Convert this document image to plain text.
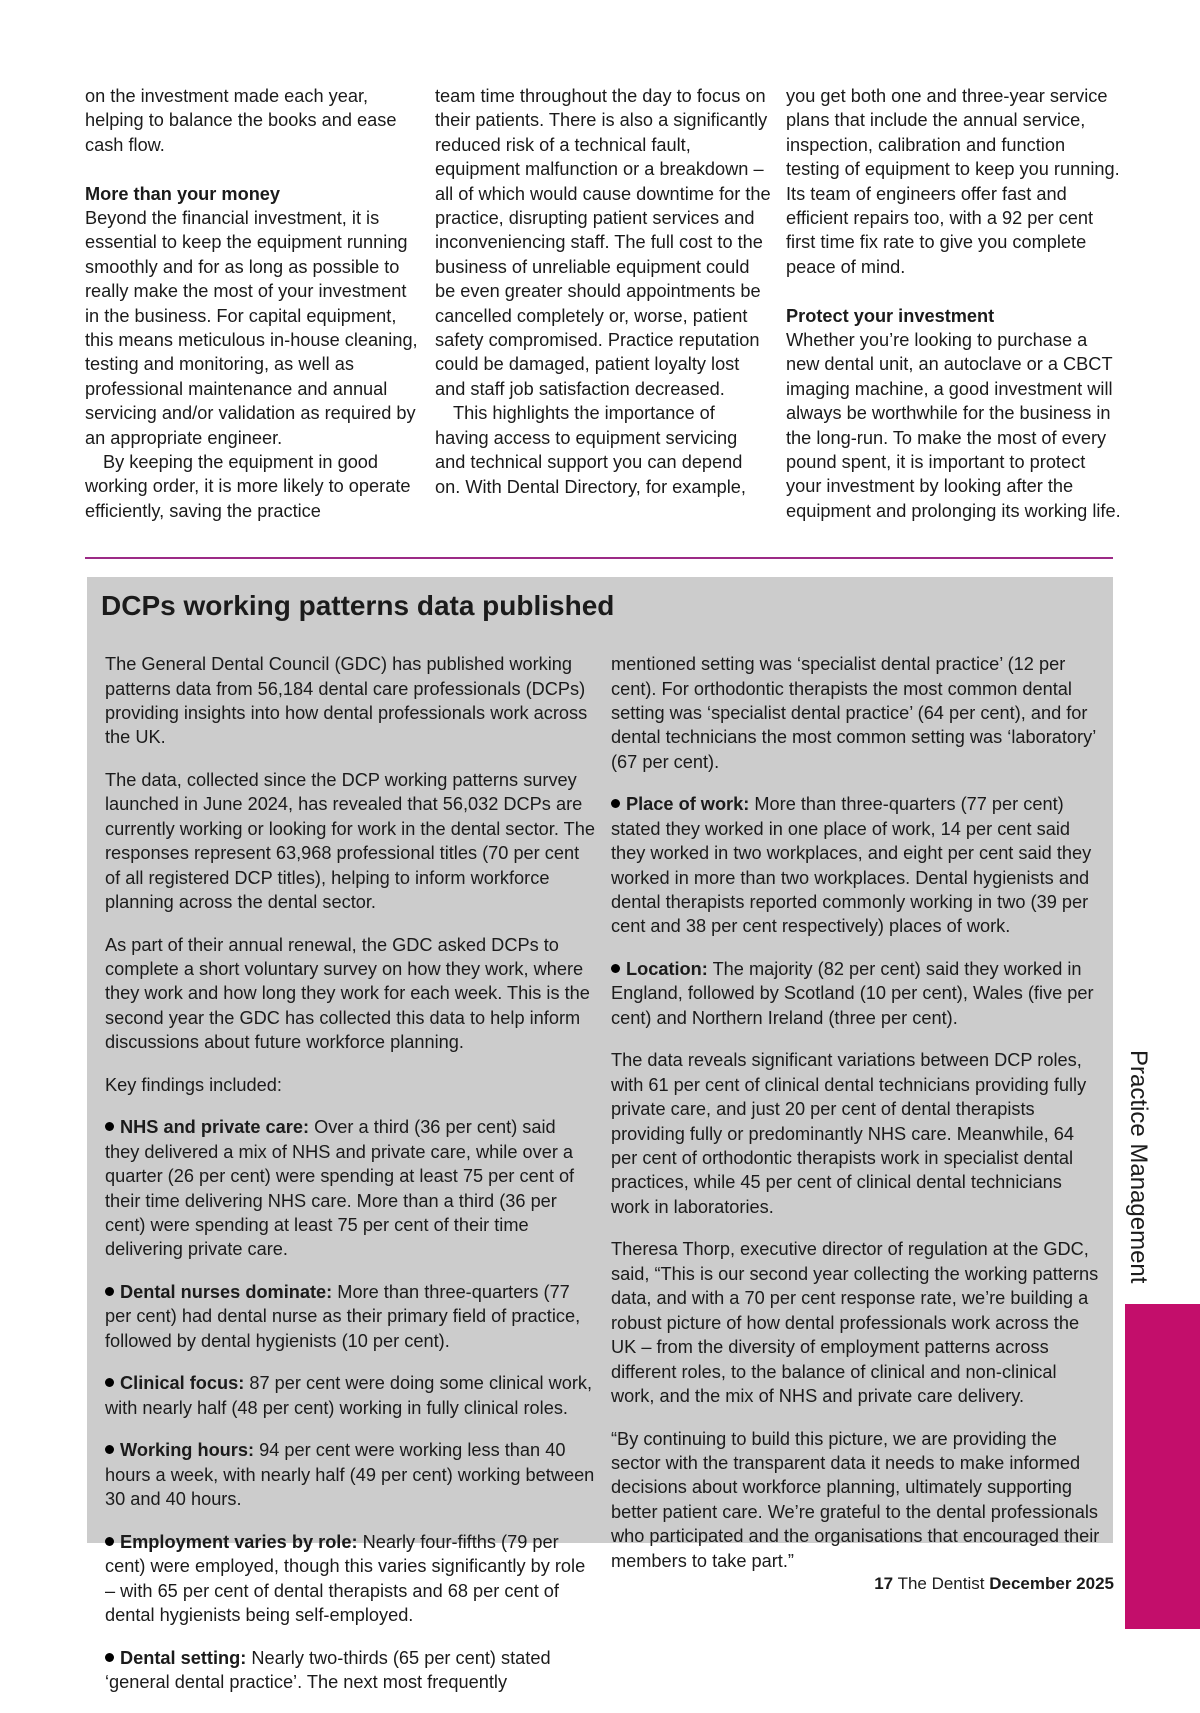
on the investment made each year, helping to balance the books and ease cash flow.

More than your money

Beyond the financial investment, it is essential to keep the equipment running smoothly and for as long as possible to really make the most of your investment in the business. For capital equipment, this means meticulous in-house cleaning, testing and monitoring, as well as professional maintenance and annual servicing and/or validation as required by an appropriate engineer.

By keeping the equipment in good working order, it is more likely to operate efficiently, saving the practice

team time throughout the day to focus on their patients. There is also a significantly reduced risk of a technical fault, equipment malfunction or a breakdown – all of which would cause downtime for the practice, disrupting patient services and inconveniencing staff. The full cost to the business of unreliable equipment could be even greater should appointments be cancelled completely or, worse, patient safety compromised. Practice reputation could be damaged, patient loyalty lost and staff job satisfaction decreased.

This highlights the importance of having access to equipment servicing and technical support you can depend on. With Dental Directory, for example,

you get both one and three-year service plans that include the annual service, inspection, calibration and function testing of equipment to keep you running. Its team of engineers offer fast and efficient repairs too, with a 92 per cent first time fix rate to give you complete peace of mind.

Protect your investment

Whether you’re looking to purchase a new dental unit, an autoclave or a CBCT imaging machine, a good investment will always be worthwhile for the business in the long-run. To make the most of every pound spent, it is important to protect your investment by looking after the equipment and prolonging its working life.

DCPs working patterns data published

The General Dental Council (GDC) has published working patterns data from 56,184 dental care professionals (DCPs) providing insights into how dental professionals work across the UK.

The data, collected since the DCP working patterns survey launched in June 2024, has revealed that 56,032 DCPs are currently working or looking for work in the dental sector. The responses represent 63,968 professional titles (70 per cent of all registered DCP titles), helping to inform workforce planning across the dental sector.

As part of their annual renewal, the GDC asked DCPs to complete a short voluntary survey on how they work, where they work and how long they work for each week. This is the second year the GDC has collected this data to help inform discussions about future workforce planning.

Key findings included:

NHS and private care: Over a third (36 per cent) said they delivered a mix of NHS and private care, while over a quarter (26 per cent) were spending at least 75 per cent of their time delivering NHS care. More than a third (36 per cent) were spending at least 75 per cent of their time delivering private care.

Dental nurses dominate: More than three-quarters (77 per cent) had dental nurse as their primary field of practice, followed by dental hygienists (10 per cent).

Clinical focus: 87 per cent were doing some clinical work, with nearly half (48 per cent) working in fully clinical roles.

Working hours: 94 per cent were working less than 40 hours a week, with nearly half (49 per cent) working between 30 and 40 hours.

Employment varies by role: Nearly four-fifths (79 per cent) were employed, though this varies significantly by role – with 65 per cent of dental therapists and 68 per cent of dental hygienists being self-employed.

Dental setting: Nearly two-thirds (65 per cent) stated ‘general dental practice’. The next most frequently

mentioned setting was ‘specialist dental practice’ (12 per cent). For orthodontic therapists the most common dental setting was ‘specialist dental practice’ (64 per cent), and for dental technicians the most common setting was ‘laboratory’ (67 per cent).

Place of work: More than three-quarters (77 per cent) stated they worked in one place of work, 14 per cent said they worked in two workplaces, and eight per cent said they worked in more than two workplaces. Dental hygienists and dental therapists reported commonly working in two (39 per cent and 38 per cent respectively) places of work.

Location: The majority (82 per cent) said they worked in England, followed by Scotland (10 per cent), Wales (five per cent) and Northern Ireland (three per cent).

The data reveals significant variations between DCP roles, with 61 per cent of clinical dental technicians providing fully private care, and just 20 per cent of dental therapists providing fully or predominantly NHS care. Meanwhile, 64 per cent of orthodontic therapists work in specialist dental practices, while 45 per cent of clinical dental technicians work in laboratories.

Theresa Thorp, executive director of regulation at the GDC, said, “This is our second year collecting the working patterns data, and with a 70 per cent response rate, we’re building a robust picture of how dental professionals work across the UK – from the diversity of employment patterns across different roles, to the balance of clinical and non-clinical work, and the mix of NHS and private care delivery.

“By continuing to build this picture, we are providing the sector with the transparent data it needs to make informed decisions about workforce planning, ultimately supporting better patient care. We’re grateful to the dental professionals who participated and the organisations that encouraged their members to take part.”

Practice Management
17 The Dentist December 2025
